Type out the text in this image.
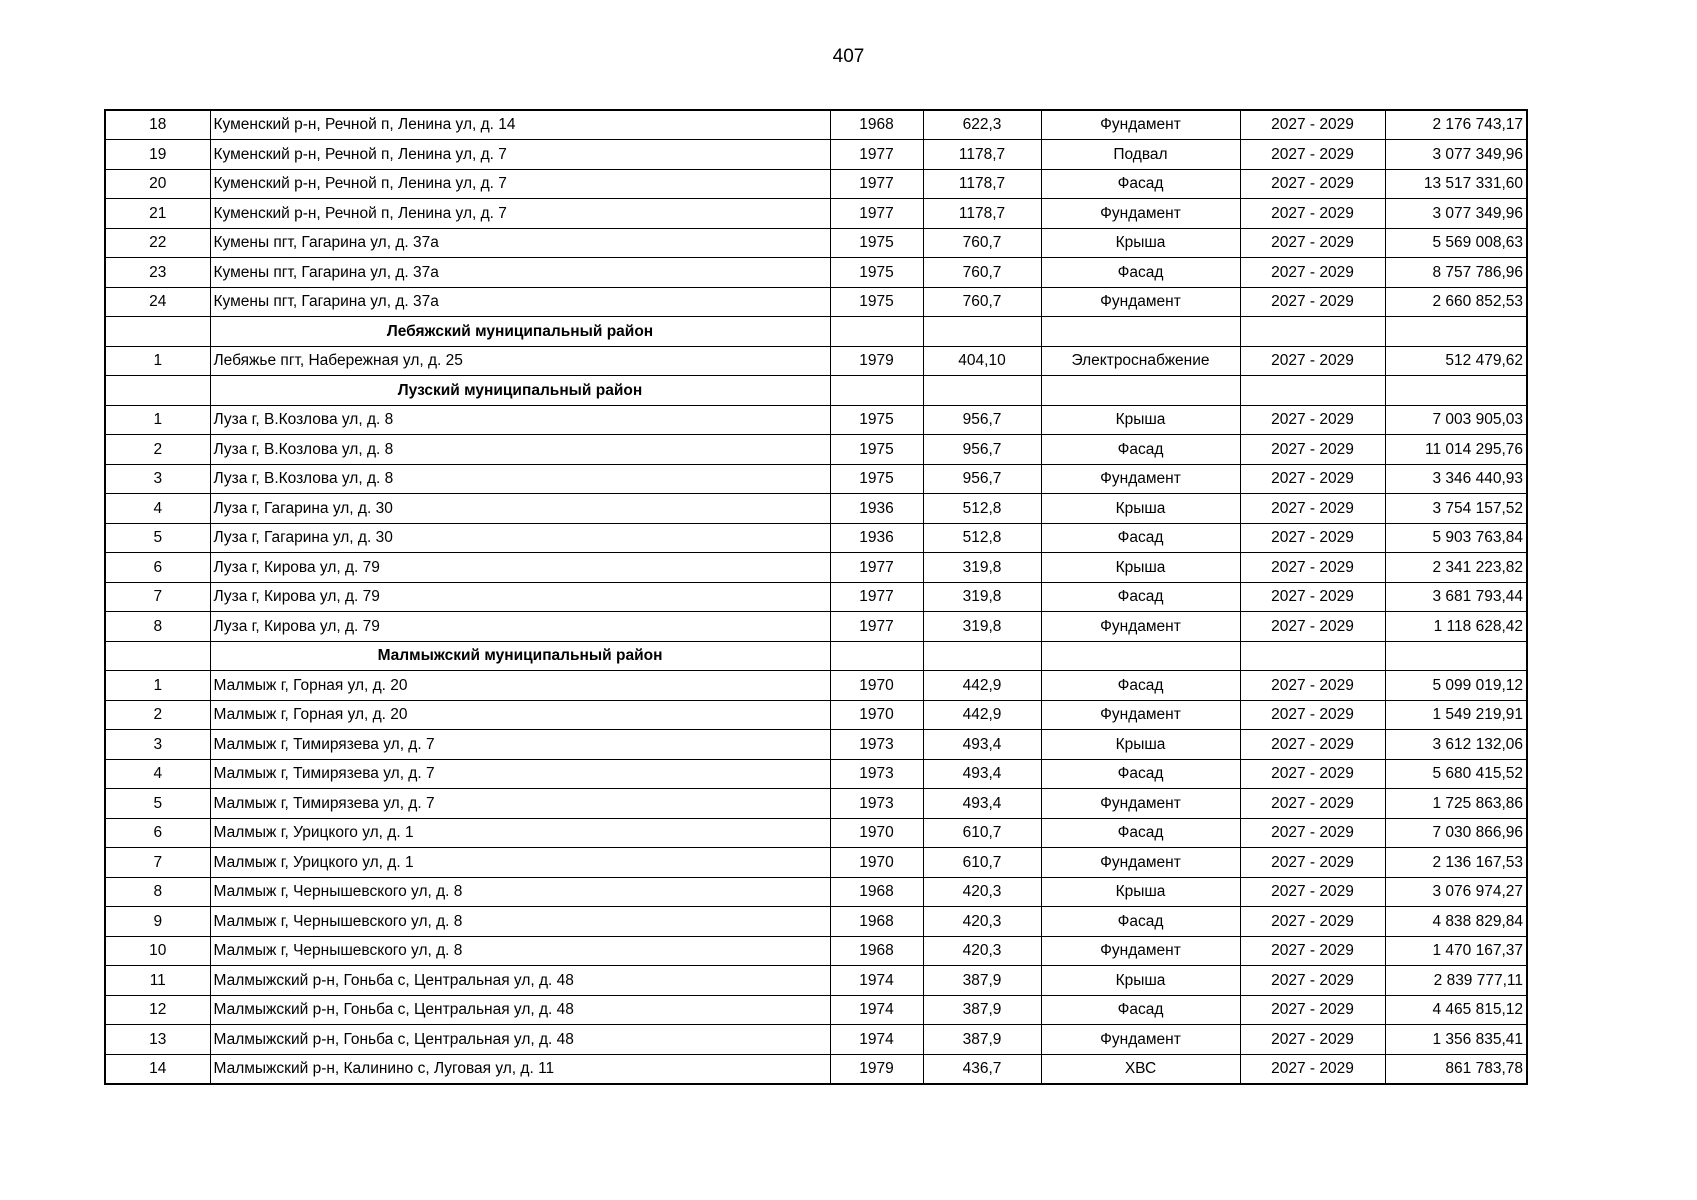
407
18	Куменский р-н, Речной п, Ленина ул, д. 14	1968	622,3	Фундамент	2027 - 2029	2 176 743,17
19	Куменский р-н, Речной п, Ленина ул, д. 7	1977	1178,7	Подвал	2027 - 2029	3 077 349,96
20	Куменский р-н, Речной п, Ленина ул, д. 7	1977	1178,7	Фасад	2027 - 2029	13 517 331,60
21	Куменский р-н, Речной п, Ленина ул, д. 7	1977	1178,7	Фундамент	2027 - 2029	3 077 349,96
22	Кумены пгт, Гагарина ул, д. 37а	1975	760,7	Крыша	2027 - 2029	5 569 008,63
23	Кумены пгт, Гагарина ул, д. 37а	1975	760,7	Фасад	2027 - 2029	8 757 786,96
24	Кумены пгт, Гагарина ул, д. 37а	1975	760,7	Фундамент	2027 - 2029	2 660 852,53
	Лебяжский муниципальный район					
1	Лебяжье пгт, Набережная ул, д. 25	1979	404,10	Электроснабжение	2027 - 2029	512 479,62
	Лузский муниципальный район					
1	Луза г, В.Козлова ул, д. 8	1975	956,7	Крыша	2027 - 2029	7 003 905,03
2	Луза г, В.Козлова ул, д. 8	1975	956,7	Фасад	2027 - 2029	11 014 295,76
3	Луза г, В.Козлова ул, д. 8	1975	956,7	Фундамент	2027 - 2029	3 346 440,93
4	Луза г, Гагарина ул, д. 30	1936	512,8	Крыша	2027 - 2029	3 754 157,52
5	Луза г, Гагарина ул, д. 30	1936	512,8	Фасад	2027 - 2029	5 903 763,84
6	Луза г, Кирова ул, д. 79	1977	319,8	Крыша	2027 - 2029	2 341 223,82
7	Луза г, Кирова ул, д. 79	1977	319,8	Фасад	2027 - 2029	3 681 793,44
8	Луза г, Кирова ул, д. 79	1977	319,8	Фундамент	2027 - 2029	1 118 628,42
	Малмыжский муниципальный район					
1	Малмыж г, Горная ул, д. 20	1970	442,9	Фасад	2027 - 2029	5 099 019,12
2	Малмыж г, Горная ул, д. 20	1970	442,9	Фундамент	2027 - 2029	1 549 219,91
3	Малмыж г, Тимирязева ул, д. 7	1973	493,4	Крыша	2027 - 2029	3 612 132,06
4	Малмыж г, Тимирязева ул, д. 7	1973	493,4	Фасад	2027 - 2029	5 680 415,52
5	Малмыж г, Тимирязева ул, д. 7	1973	493,4	Фундамент	2027 - 2029	1 725 863,86
6	Малмыж г, Урицкого ул, д. 1	1970	610,7	Фасад	2027 - 2029	7 030 866,96
7	Малмыж г, Урицкого ул, д. 1	1970	610,7	Фундамент	2027 - 2029	2 136 167,53
8	Малмыж г, Чернышевского ул, д. 8	1968	420,3	Крыша	2027 - 2029	3 076 974,27
9	Малмыж г, Чернышевского ул, д. 8	1968	420,3	Фасад	2027 - 2029	4 838 829,84
10	Малмыж г, Чернышевского ул, д. 8	1968	420,3	Фундамент	2027 - 2029	1 470 167,37
11	Малмыжский р-н, Гоньба с, Центральная ул, д. 48	1974	387,9	Крыша	2027 - 2029	2 839 777,11
12	Малмыжский р-н, Гоньба с, Центральная ул, д. 48	1974	387,9	Фасад	2027 - 2029	4 465 815,12
13	Малмыжский р-н, Гоньба с, Центральная ул, д. 48	1974	387,9	Фундамент	2027 - 2029	1 356 835,41
14	Малмыжский р-н, Калинино с, Луговая ул, д. 11	1979	436,7	ХВС	2027 - 2029	861 783,78
